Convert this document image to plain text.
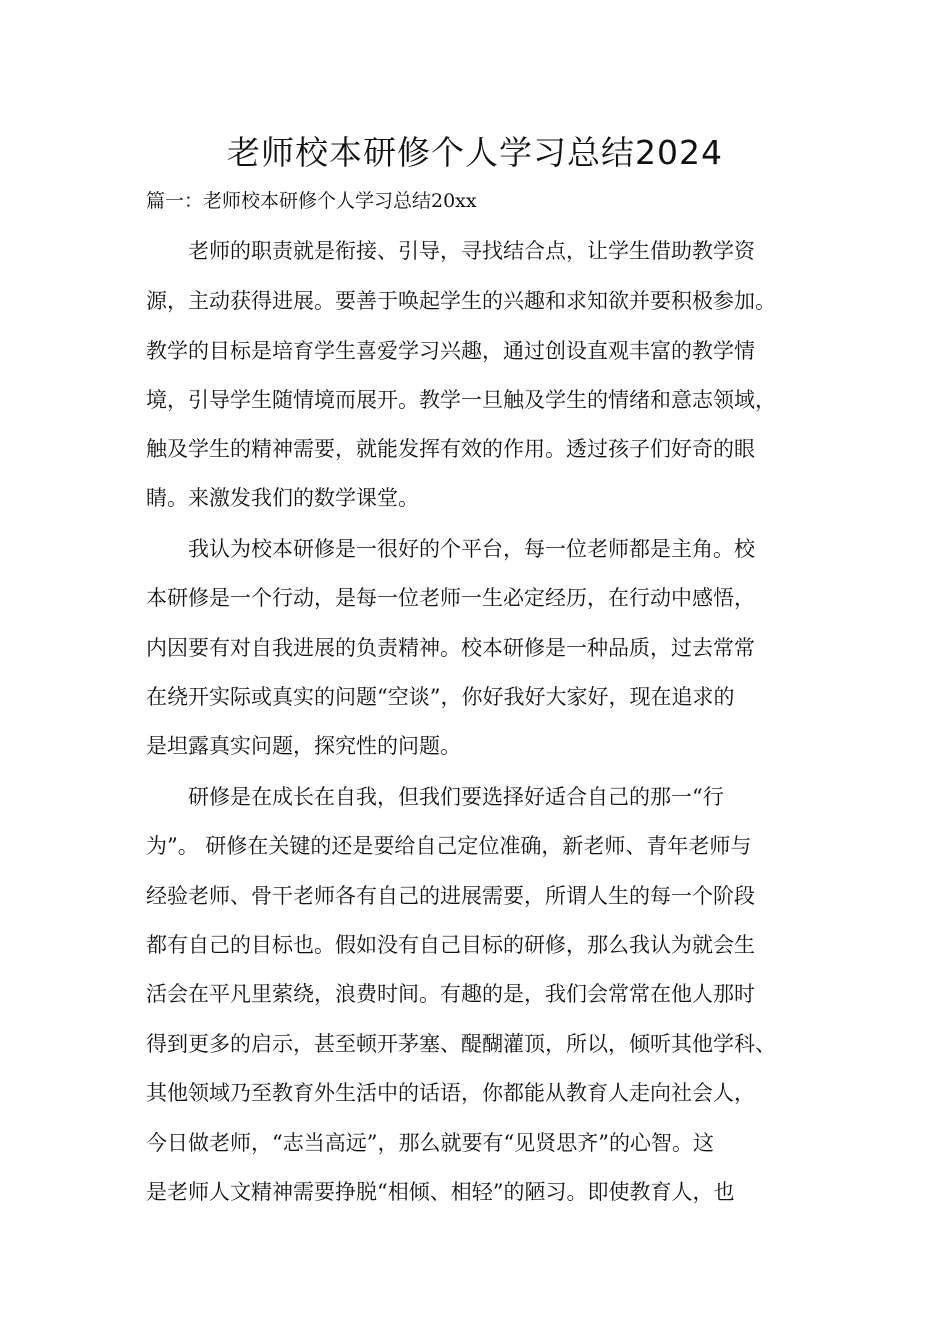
老师校本研修个人学习总结2024
篇一：老师校本研修个人学习总结20xx
老师的职责就是衔接、引导，寻找结合点，让学生借助教学资
源，主动获得进展。要善于唤起学生的兴趣和求知欲并要积极参加。
教学的目标是培育学生喜爱学习兴趣，通过创设直观丰富的教学情
境，引导学生随情境而展开。教学一旦触及学生的情绪和意志领域，
触及学生的精神需要，就能发挥有效的作用。透过孩子们好奇的眼
睛。来激发我们的数学课堂。
我认为校本研修是一很好的个平台，每一位老师都是主角。校
本研修是一个行动，是每一位老师一生必定经历，在行动中感悟，
内因要有对自我进展的负责精神。校本研修是一种品质，过去常常
在绕开实际或真实的问题“空谈”，你好我好大家好，现在追求的
是坦露真实问题，探究性的问题。
研修是在成长在自我，但我们要选择好适合自己的那一“行
为”。 研修在关键的还是要给自己定位准确，新老师、青年老师与
经验老师、骨干老师各有自己的进展需要，所谓人生的每一个阶段
都有自己的目标也。假如没有自己目标的研修，那么我认为就会生
活会在平凡里萦绕，浪费时间。有趣的是，我们会常常在他人那时
得到更多的启示，甚至顿开茅塞、醍醐灌顶，所以，倾听其他学科、
其他领域乃至教育外生活中的话语，你都能从教育人走向社会人，
今日做老师，“志当高远”，那么就要有“见贤思齐”的心智。这
是老师人文精神需要挣脱“相倾、相轻”的陋习。即使教育人，也
